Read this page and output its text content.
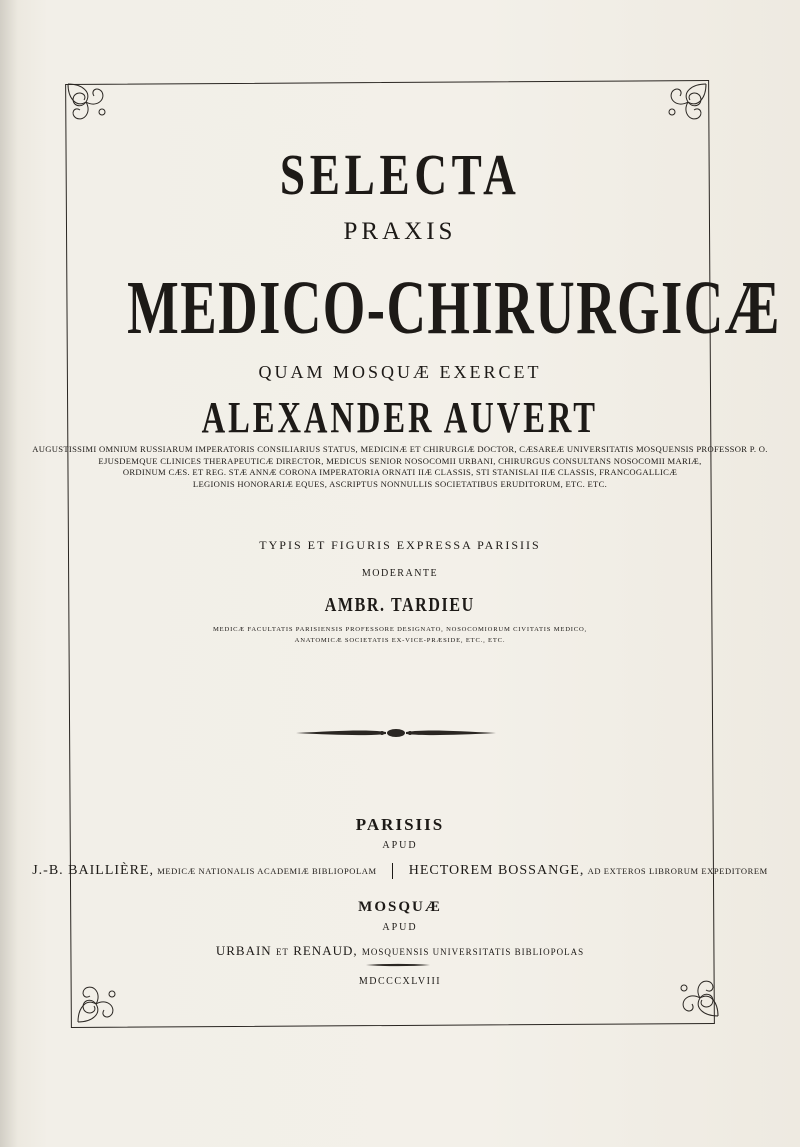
SELECTA
PRAXIS
MEDICO-CHIRURGICÆ
QUAM MOSQUÆ EXERCET
ALEXANDER AUVERT
AUGUSTISSIMI OMNIUM RUSSIARUM IMPERATORIS CONSILIARIUS STATUS, MEDICINÆ ET CHIRURGIÆ DOCTOR, CÆSAREÆ UNIVERSITATIS MOSQUENSIS PROFESSOR P. O.
EJUSDEMQUE CLINICES THERAPEUTICÆ DIRECTOR, MEDICUS SENIOR NOSOCOMII URBANI, CHIRURGUS CONSULTANS NOSOCOMII MARIÆ,
ORDINUM CÆS. ET REG. STÆ ANNÆ CORONA IMPERATORIA ORNATI IIÆ CLASSIS, STI STANISLAI IIÆ CLASSIS, FRANCOGALLICÆ
LEGIONIS HONORARIÆ EQUES, ASCRIPTUS NONNULLIS SOCIETATIBUS ERUDITORUM, ETC. ETC.
TYPIS ET FIGURIS EXPRESSA PARISIIS
MODERANTE
AMBR. TARDIEU
MEDICÆ FACULTATIS PARISIENSIS PROFESSORE DESIGNATO, NOSOCOMIORUM CIVITATIS MEDICO,
ANATOMICÆ SOCIETATIS EX-VICE-PRÆSIDE, ETC., ETC.
PARISIIS
APUD
J.-B. BAILLIÈRE, MEDICÆ NATIONALIS ACADEMIÆ BIBLIOPOLAM HECTOREM BOSSANGE, AD EXTEROS LIBRORUM EXPEDITOREM
MOSQUÆ
APUD
URBAIN ET RENAUD, MOSQUENSIS UNIVERSITATIS BIBLIOPOLAS
MDCCCXLVIII
